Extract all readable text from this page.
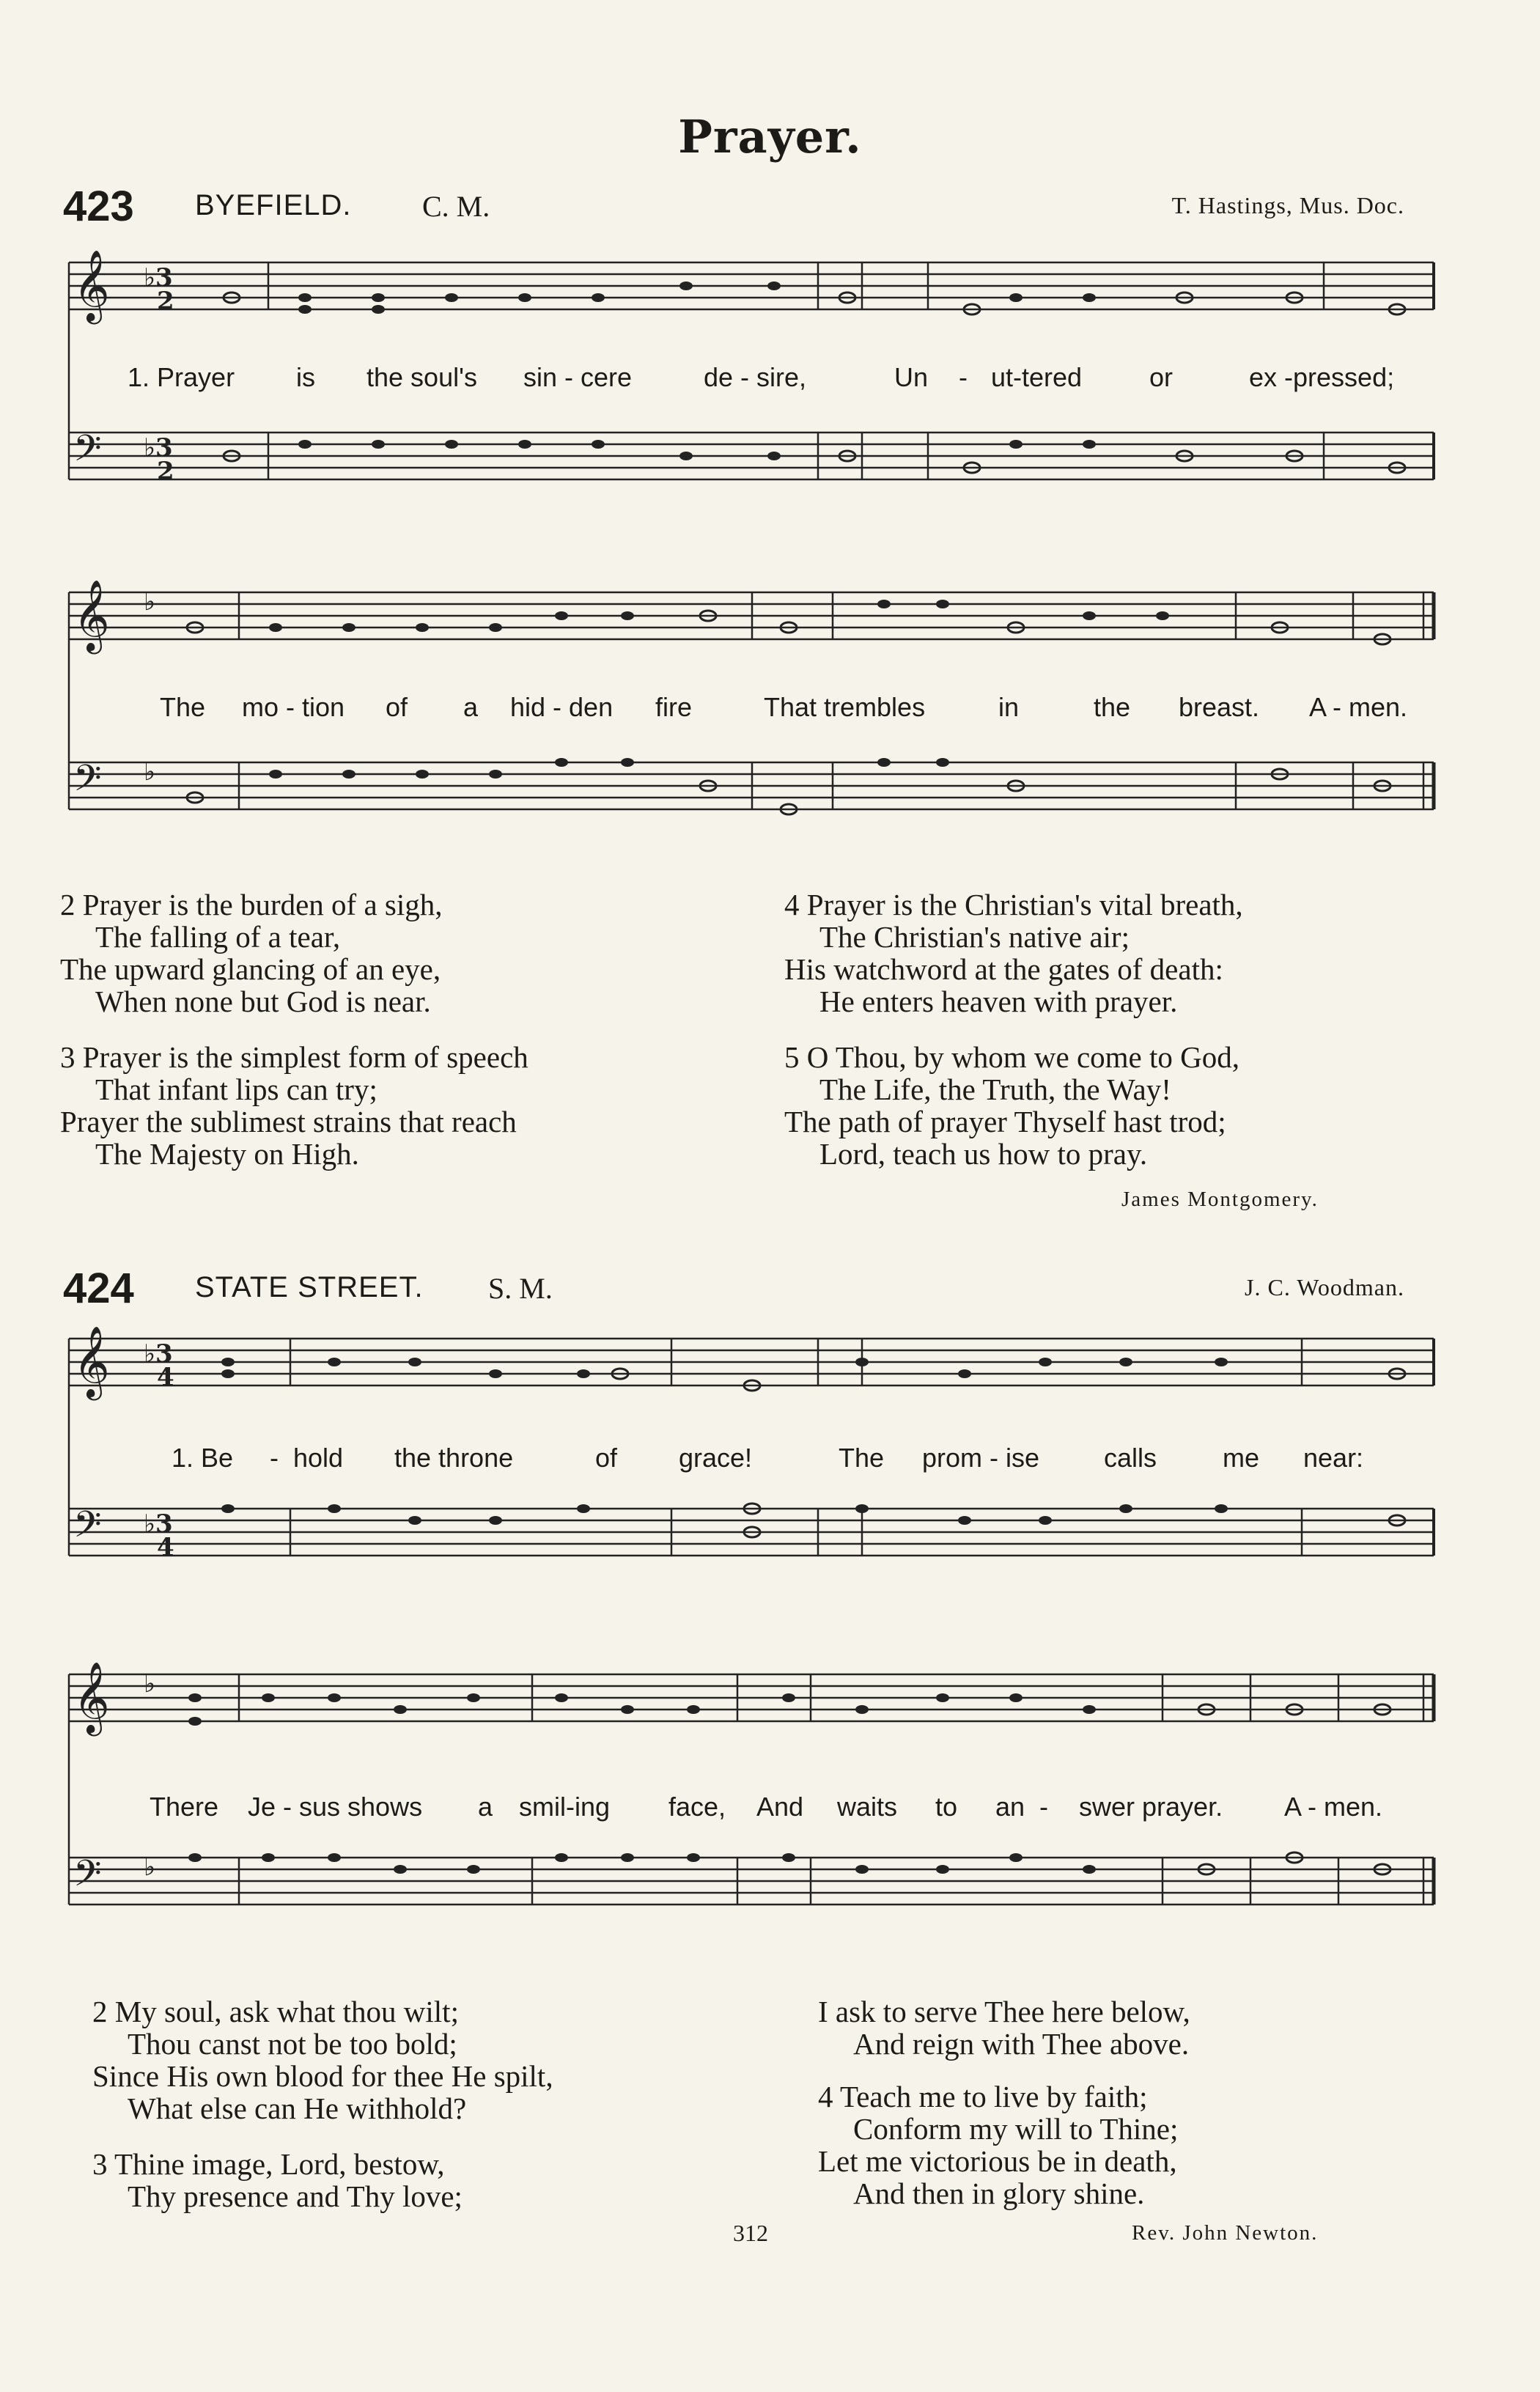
Prayer.
423 BYEFIELD. C. M.	T. Hastings, Mus. Doc.
𝄞
𝄢
♭3
2
♭3
2
1. Prayer is the soul's sin - cere	de - sire,	Un - ut-tered	or	ex -pressed;
𝄞
𝄢
♭
♭
The mo - tion of a hid - den fire	That trembles	in	the breast. A - men.
2 Prayer is the burden of a sigh,
The falling of a tear,
The upward glancing of an eye,
When none but God is near.
3 Prayer is the simplest form of speech
That infant lips can try;
Prayer the sublimest strains that reach
The Majesty on High.
4 Prayer is the Christian's vital breath,
The Christian's native air;
His watchword at the gates of death:
He enters heaven with prayer.
5 O Thou, by whom we come to God,
The Life, the Truth, the Way!
The path of prayer Thyself hast trod;
Lord, teach us how to pray.
James Montgomery.
424 STATE STREET. S. M.	J. C. Woodman.
𝄞
𝄢
♭3
4
♭3
4
1. Be - hold the throne	of grace!	The prom - ise calls me near:
𝄞
𝄢
♭
♭
There Je - sus shows a smil-ing face, And waits to an - swer prayer. A - men.
2 My soul, ask what thou wilt;
Thou canst not be too bold;
Since His own blood for thee He spilt,
What else can He withhold?
3 Thine image, Lord, bestow,
Thy presence and Thy love;
I ask to serve Thee here below,
And reign with Thee above.
4 Teach me to live by faith;
Conform my will to Thine;
Let me victorious be in death,
And then in glory shine.
312	Rev. John Newton.
